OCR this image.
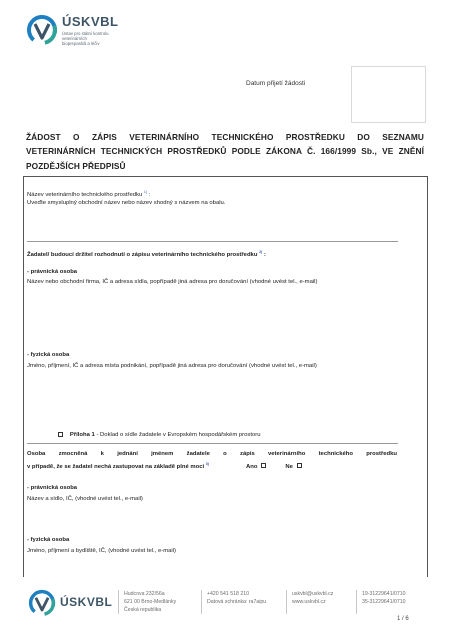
ÚSKVBL
Ústav pro státní kontrolu
veterinárních
biopreparátů a léčiv
Datum přijetí žádosti
ŽÁDOST O ZÁPIS VETERINÁRNÍHO TECHNICKÉHO PROSTŘEDKU DO SEZNAMU VETERINÁRNÍCH TECHNICKÝCH PROSTŘEDKŮ PODLE ZÁKONA Č. 166/1999 Sb., VE ZNĚNÍ POZDĚJŠÍCH PŘEDPISŮ
Název veterinárního technického prostředku $^{1)}$ :
Uveďte smysluplný obchodní název nebo název shodný s názvem na obalu.
Žadatel/ budoucí držitel rozhodnutí o zápisu veterinárního technického prostředku $^{2)}$ :
- právnická osoba
Název nebo obchodní firma, IČ a adresa sídla, popřípadě jiná adresa pro doručování (vhodné uvést tel., e-mail)
- fyzická osoba
Jméno, příjmení, IČ a adresa místa podnikání, popřípadě jiná adresa pro doručování (vhodné uvést tel., e-mail)
Příloha 1 - Doklad o sídle žadatele v Evropském hospodářském prostoru
Osoba zmocněná k jednání jménem žadatele o zápis veterinárního technického prostředku
v případě, že se žadatel nechá zastupovat na základě plné moci $^{3)}$	Ano	Ne
- právnická osoba
Název a sídlo, IČ, (vhodné uvést tel., e-mail)
- fyzická osoba
Jméno, příjmení a bydliště, IČ, (vhodné uvést tel., e-mail)
ÚSKVBL
Hudcova 232/56a
621 00 Brno-Medlánky
Česká republika
+420 541 518 210
Datová schránka: ra7aipu
uskvbl@uskvbl.cz
www.uskvbl.cz
19-31229641/0710
35-31229641/0710
1 / 6
